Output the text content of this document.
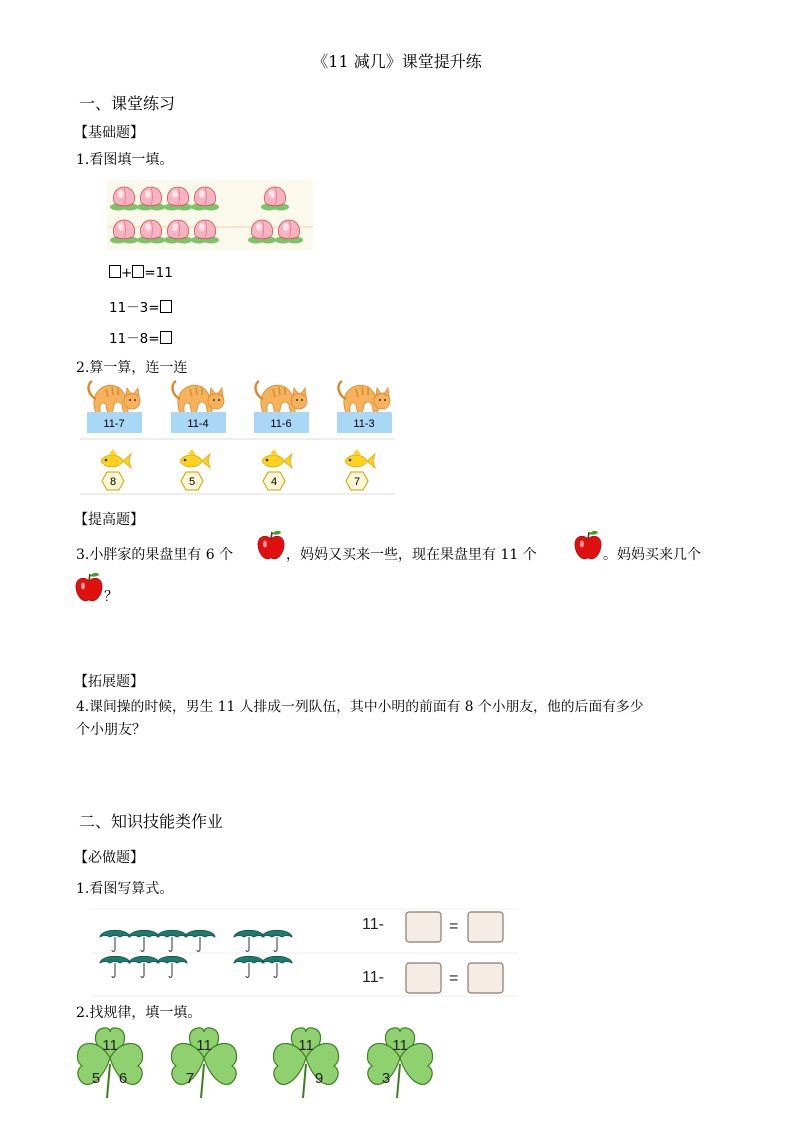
《11 减几》课堂提升练
一、课堂练习
【基础题】
1.看图填一填。
+ =11
11－3=
11－8=
2.算一算，连一连
11-7	11-4	11-6	11-3
8	5	4	7
【提高题】
3.小胖家的果盘里有 6 个	，妈妈又买来一些，现在果盘里有 11 个	。妈妈买来几个
？
【拓展题】
4.课间操的时候，男生 11 人排成一列队伍，其中小明的前面有 8 个小朋友，他的后面有多少
个小朋友？
二、知识技能类作业
【必做题】
1.看图写算式。
11-	=
11-	=
2.找规律，填一填。
11
5 6
11
7
11
9
11
3
